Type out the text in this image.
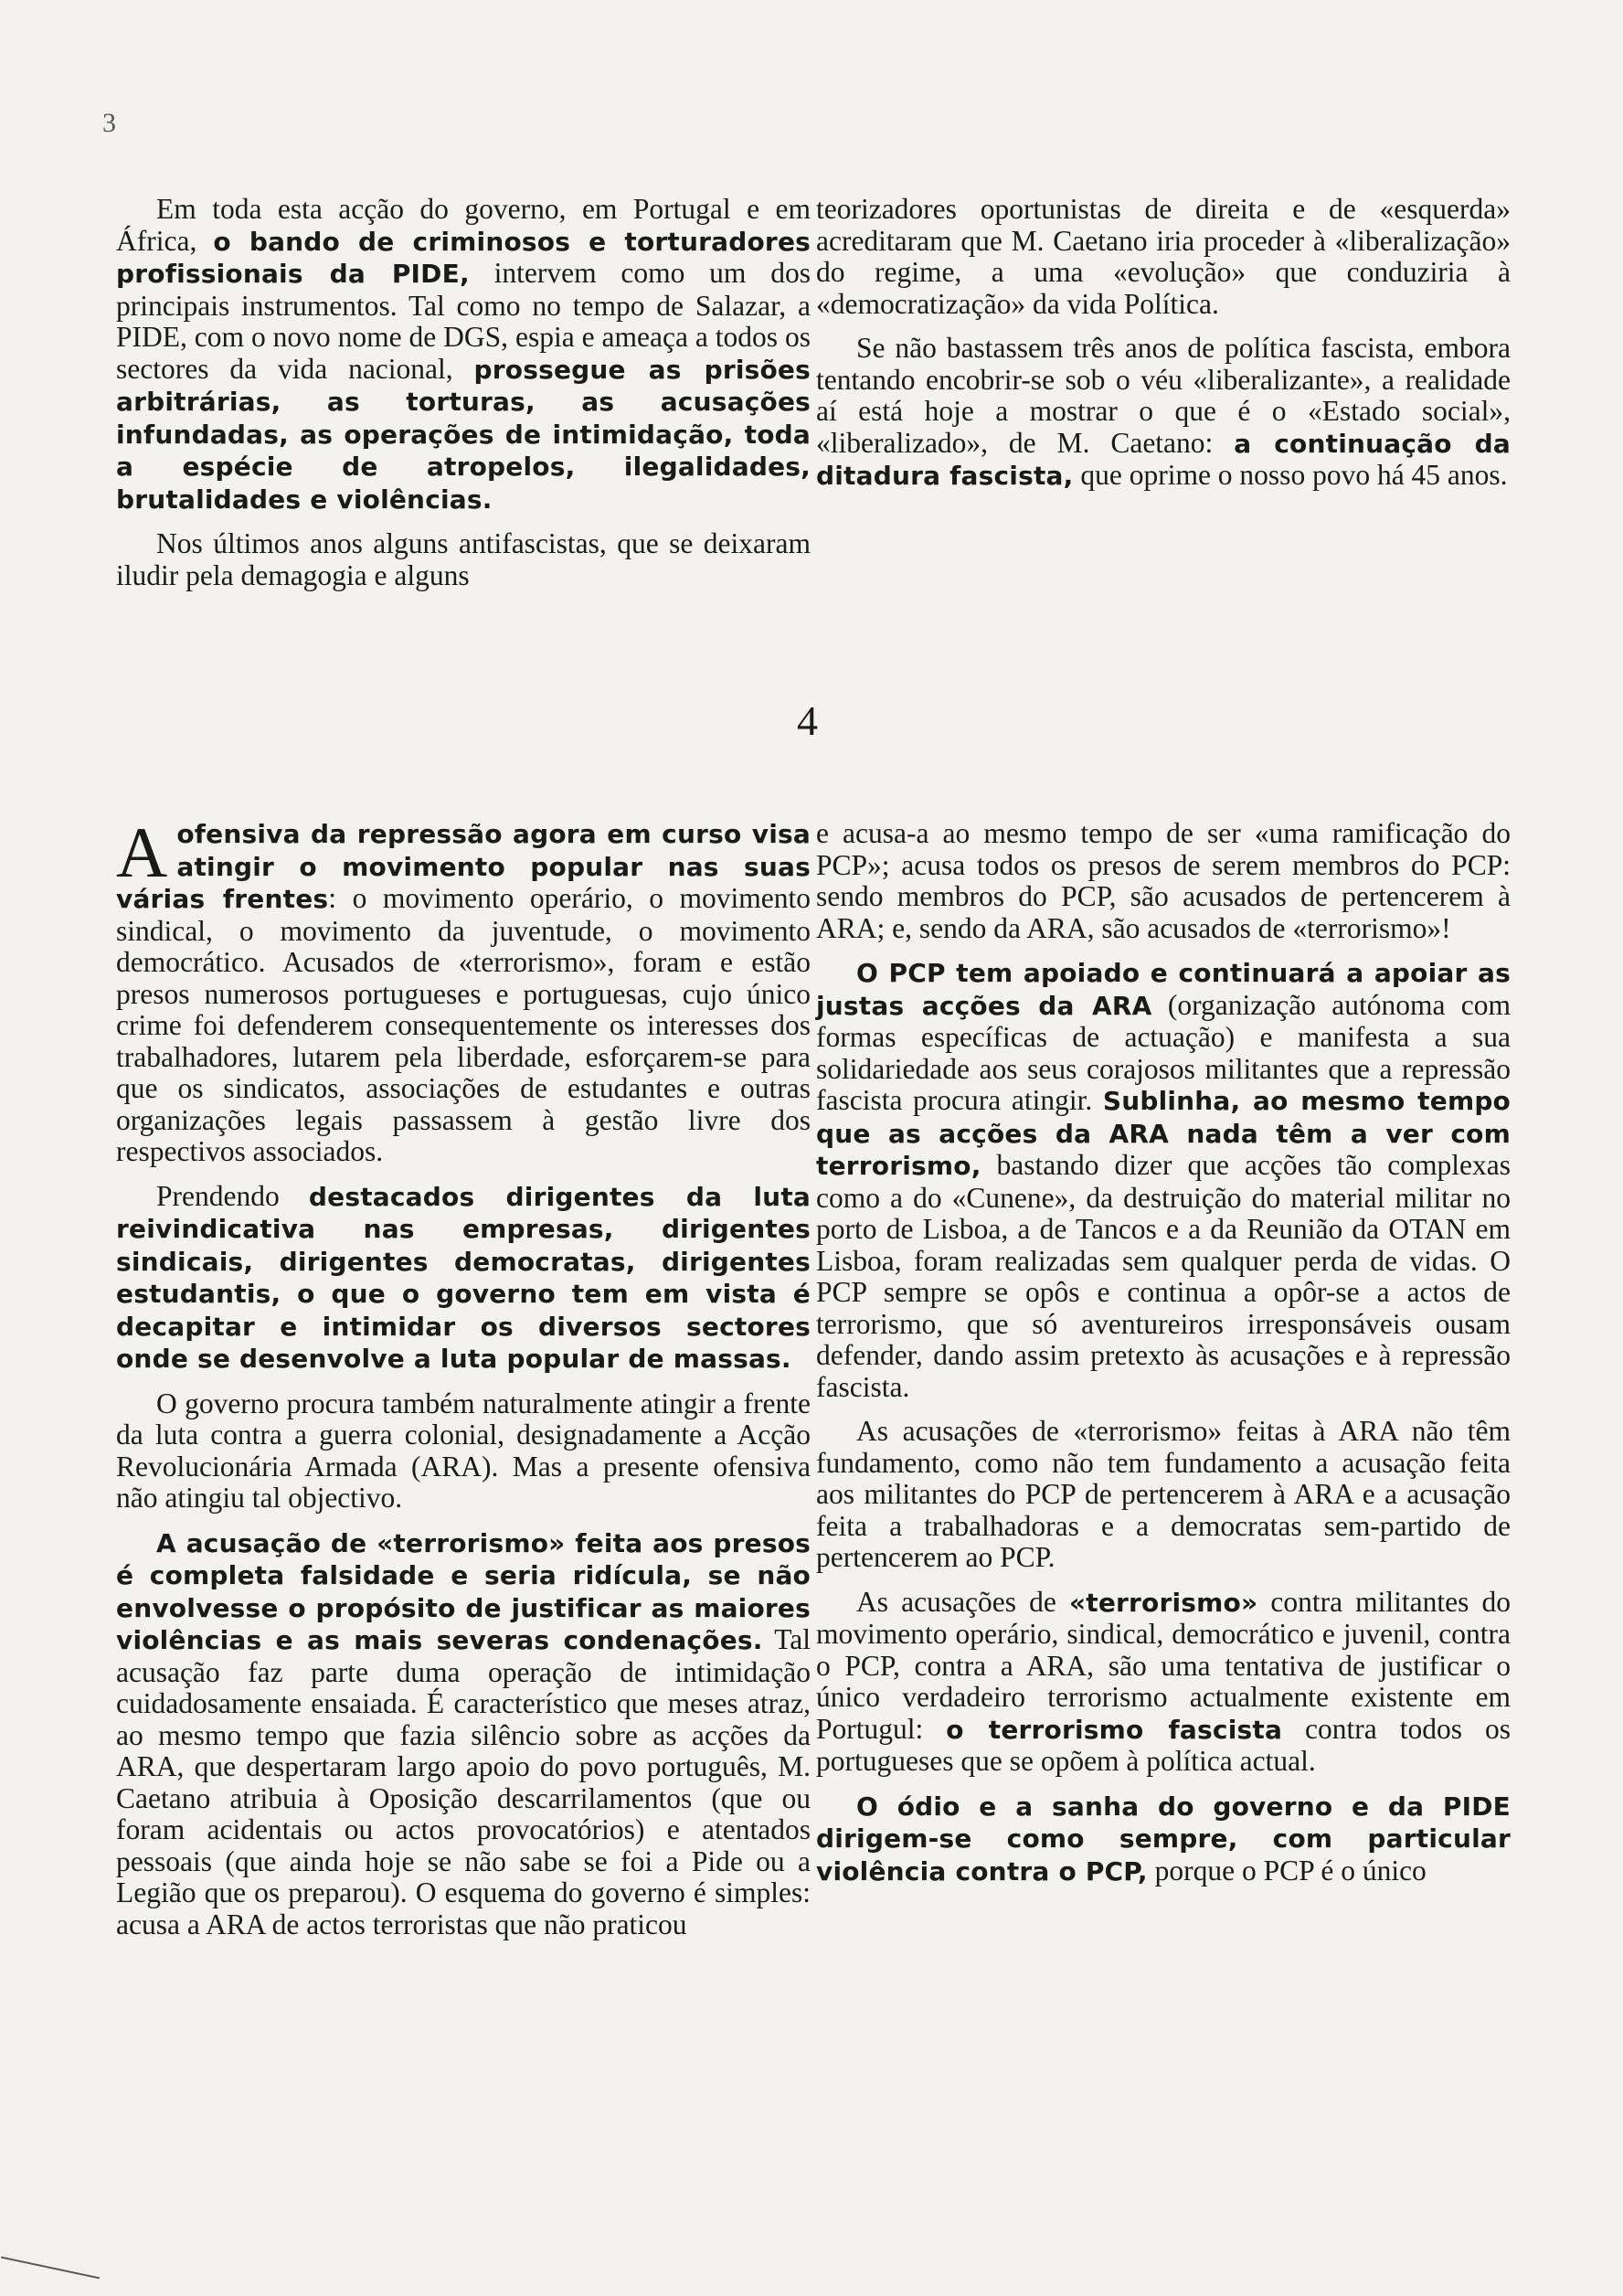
3

Em toda esta acção do governo, em Portugal e em África, o bando de criminosos e torturadores profissionais da PIDE, intervem como um dos principais instrumentos. Tal como no tempo de Salazar, a PIDE, com o novo nome de DGS, espia e ameaça a todos os sectores da vida nacional, prossegue as prisões arbitrárias, as torturas, as acusações infundadas, as operações de intimidação, toda a espécie de atropelos, ilegalidades, brutalidades e violências.

Nos últimos anos alguns antifascistas, que se deixaram iludir pela demagogia e alguns

teorizadores oportunistas de direita e de «esquerda» acreditaram que M. Caetano iria proceder à «liberalização» do regime, a uma «evolução» que conduziria à «democratização» da vida Política.

Se não bastassem três anos de política fascista, embora tentando encobrir-se sob o véu «liberalizante», a realidade aí está hoje a mostrar o que é o «Estado social», «liberalizado», de M. Caetano: a continuação da ditadura fascista, que oprime o nosso povo há 45 anos.

4

Aofensiva da repressão agora em curso visa atingir o movimento popular nas suas várias frentes: o movimento operário, o movimento sindical, o movimento da juventude, o movimento democrático. Acusados de «terrorismo», foram e estão presos numerosos portugueses e portuguesas, cujo único crime foi defenderem consequentemente os interesses dos trabalhadores, lutarem pela liberdade, esforçarem-se para que os sindicatos, associações de estudantes e outras organizações legais passassem à gestão livre dos respectivos associados.

Prendendo destacados dirigentes da luta reivindicativa nas empresas, dirigentes sindicais, dirigentes democratas, dirigentes estudantis, o que o governo tem em vista é decapitar e intimidar os diversos sectores onde se desenvolve a luta popular de massas.

O governo procura também naturalmente atingir a frente da luta contra a guerra colonial, designadamente a Acção Revolucionária Armada (ARA). Mas a presente ofensiva não atingiu tal objectivo.

A acusação de «terrorismo» feita aos presos é completa falsidade e seria ridícula, se não envolvesse o propósito de justificar as maiores violências e as mais severas condenações. Tal acusação faz parte duma operação de intimidação cuidadosamente ensaiada. É característico que meses atraz, ao mesmo tempo que fazia silêncio sobre as acções da ARA, que despertaram largo apoio do povo português, M. Caetano atribuia à Oposição descarrilamentos (que ou foram acidentais ou actos provocatórios) e atentados pessoais (que ainda hoje se não sabe se foi a Pide ou a Legião que os preparou). O esquema do governo é simples: acusa a ARA de actos terroristas que não praticou

e acusa-a ao mesmo tempo de ser «uma ramificação do PCP»; acusa todos os presos de serem membros do PCP: sendo membros do PCP, são acusados de pertencerem à ARA; e, sendo da ARA, são acusados de «terrorismo»!

O PCP tem apoiado e continuará a apoiar as justas acções da ARA (organização autónoma com formas específicas de actuação) e manifesta a sua solidariedade aos seus corajosos militantes que a repressão fascista procura atingir. Sublinha, ao mesmo tempo que as acções da ARA nada têm a ver com terrorismo, bastando dizer que acções tão complexas como a do «Cunene», da destruição do material militar no porto de Lisboa, a de Tancos e a da Reunião da OTAN em Lisboa, foram realizadas sem qualquer perda de vidas. O PCP sempre se opôs e continua a opôr-se a actos de terrorismo, que só aventureiros irresponsáveis ousam defender, dando assim pretexto às acusações e à repressão fascista.

As acusações de «terrorismo» feitas à ARA não têm fundamento, como não tem fundamento a acusação feita aos militantes do PCP de pertencerem à ARA e a acusação feita a trabalhadoras e a democratas sem-partido de pertencerem ao PCP.

As acusações de «terrorismo» contra militantes do movimento operário, sindical, democrático e juvenil, contra o PCP, contra a ARA, são uma tentativa de justificar o único verdadeiro terrorismo actualmente existente em Portugul: o terrorismo fascista contra todos os portugueses que se opõem à política actual.

O ódio e a sanha do governo e da PIDE dirigem-se como sempre, com particular violência contra o PCP, porque o PCP é o único
